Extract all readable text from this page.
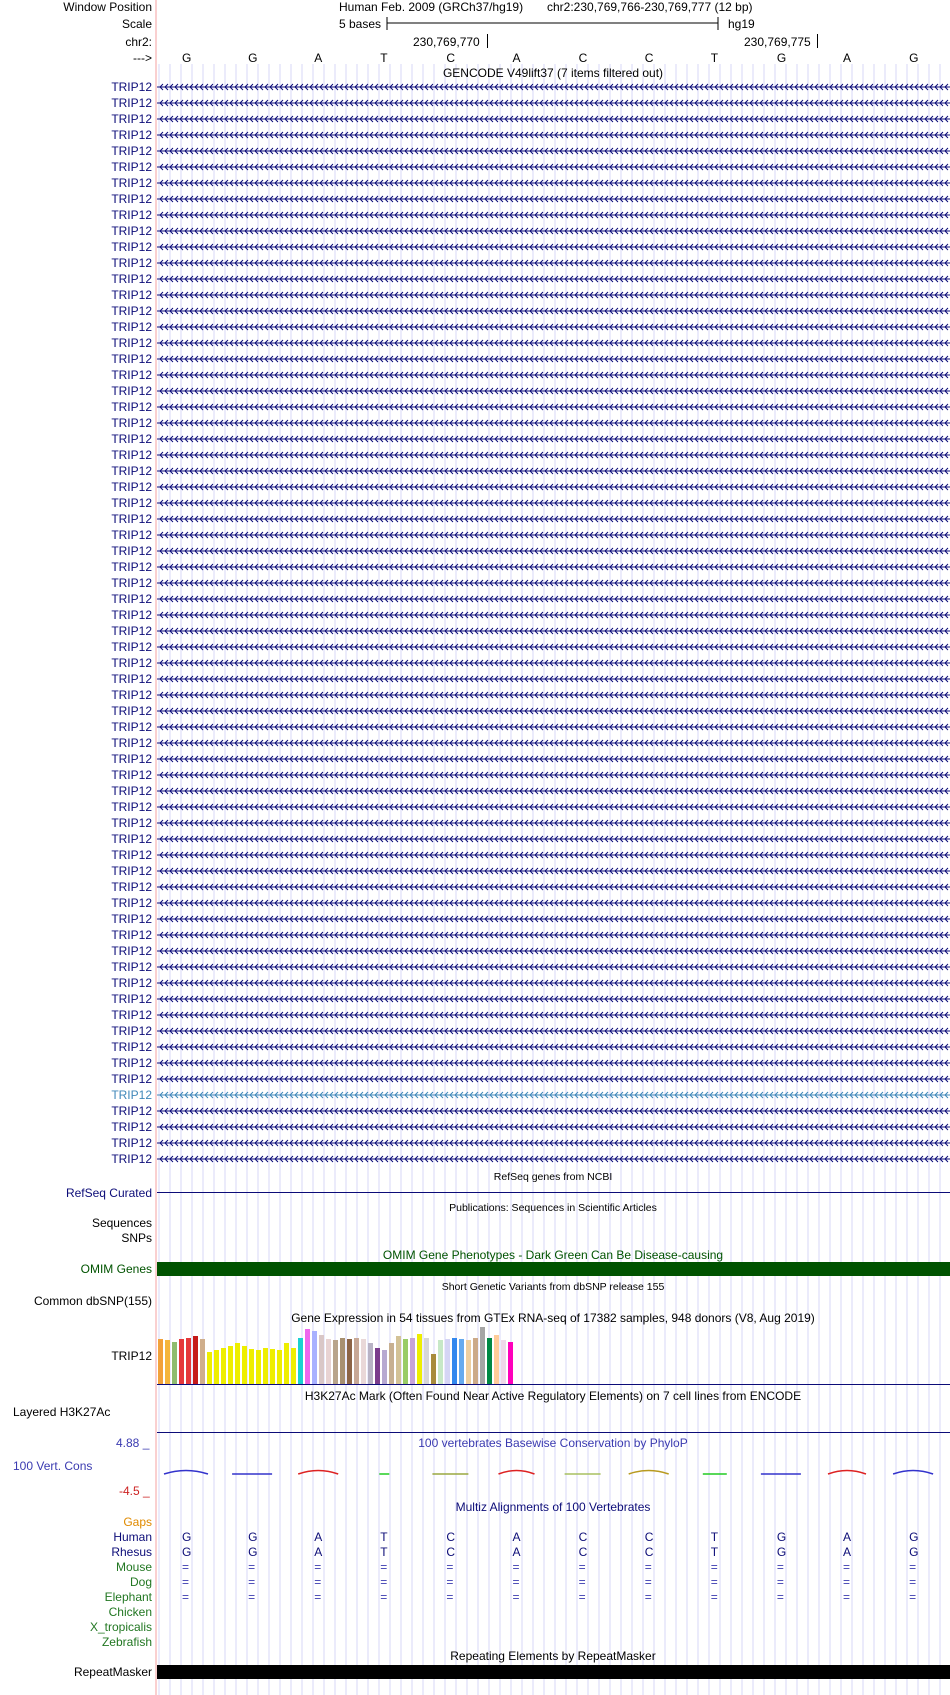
Window Position	Human Feb. 2009 (GRCh37/hg19) chr2:230,769,766-230,769,777 (12 bp)
Scale	5 bases	hg19
chr2:	230,769,770	230,769,775
--->	G	G	A	T	C	A	C	C	T	G	A	G
GENCODE V49lift37 (7 items filtered out)
TRIP12
TRIP12
TRIP12
TRIP12
TRIP12
TRIP12
TRIP12
TRIP12
TRIP12
TRIP12
TRIP12
TRIP12
TRIP12
TRIP12
TRIP12
TRIP12
TRIP12
TRIP12
TRIP12
TRIP12
TRIP12
TRIP12
TRIP12
TRIP12
TRIP12
TRIP12
TRIP12
TRIP12
TRIP12
TRIP12
TRIP12
TRIP12
TRIP12
TRIP12
TRIP12
TRIP12
TRIP12
TRIP12
TRIP12
TRIP12
TRIP12
TRIP12
TRIP12
TRIP12
TRIP12
TRIP12
TRIP12
TRIP12
TRIP12
TRIP12
TRIP12
TRIP12
TRIP12
TRIP12
TRIP12
TRIP12
TRIP12
TRIP12
TRIP12
TRIP12
TRIP12
TRIP12
TRIP12
TRIP12
TRIP12
TRIP12
TRIP12
TRIP12
RefSeq genes from NCBI
RefSeq Curated
Publications: Sequences in Scientific Articles
Sequences
SNPs
OMIM Gene Phenotypes - Dark Green Can Be Disease-causing
OMIM Genes
Short Genetic Variants from dbSNP release 155
Common dbSNP(155)
Gene Expression in 54 tissues from GTEx RNA-seq of 17382 samples, 948 donors (V8, Aug 2019)
TRIP12
H3K27Ac Mark (Often Found Near Active Regulatory Elements) on 7 cell lines from ENCODE
Layered H3K27Ac
100 vertebrates Basewise Conservation by PhyloP
4.88 _
100 Vert. Cons
-4.5 _
Multiz Alignments of 100 Vertebrates
Gaps
Human	G	G	A	T	C	A	C	C	T	G	A	G
Rhesus	G	G	A	T	C	A	C	C	T	G	A	G
Mouse	=	=	=	=	=	=	=	=	=	=	=	=
Dog	=	=	=	=	=	=	=	=	=	=	=	=
Elephant	=	=	=	=	=	=	=	=	=	=	=	=
Chicken
X_tropicalis
Zebrafish
Repeating Elements by RepeatMasker
RepeatMasker
